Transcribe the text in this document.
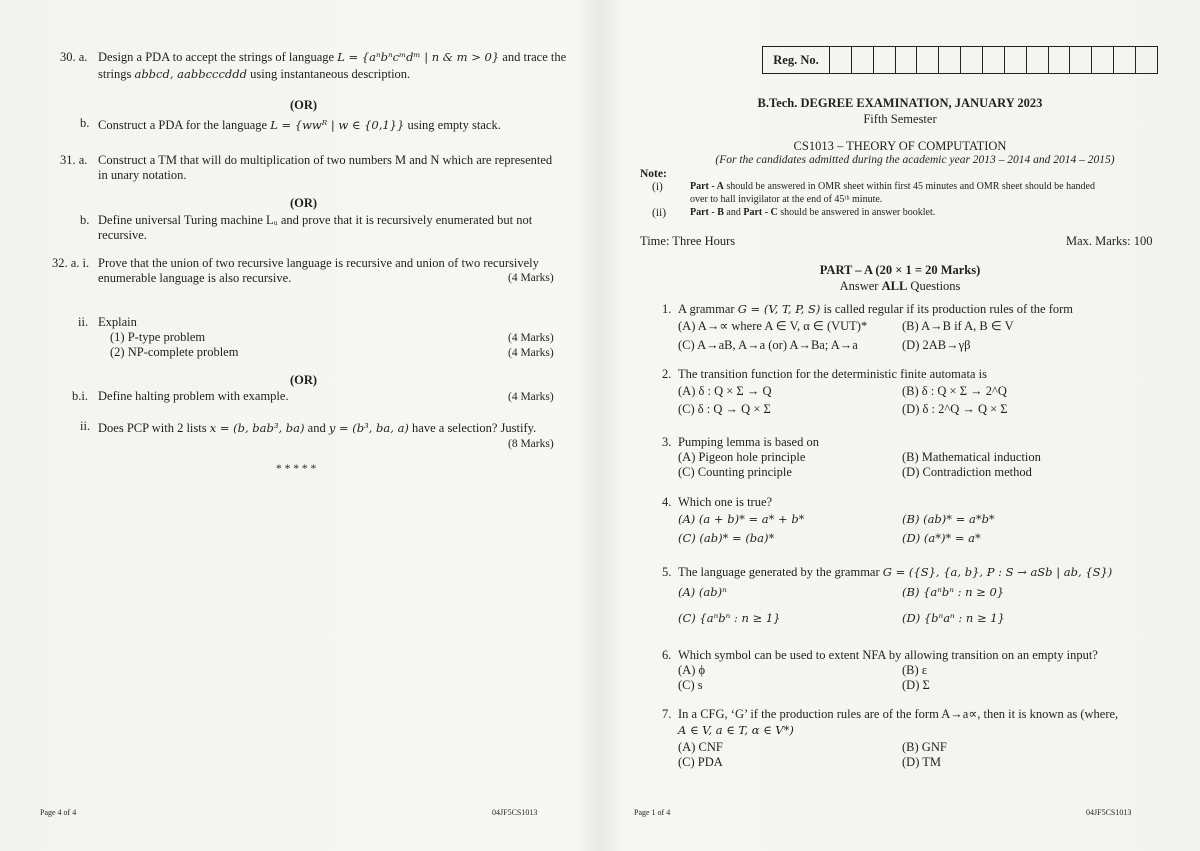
30. a. Design a PDA to accept the strings of language L = {aⁿbⁿcᵐdᵐ | n & m > 0} and trace the
strings abbcd, aabbcccddd using instantaneous description.
(OR)
b. Construct a PDA for the language L = {wwᴿ | w ∈ {0,1}} using empty stack.
31. a. Construct a TM that will do multiplication of two numbers M and N which are represented
in unary notation.
(OR)
b. Define universal Turing machine Lᵤ and prove that it is recursively enumerated but not
recursive.
32. a. i. Prove that the union of two recursive language is recursive and union of two recursively
enumerable language is also recursive.	(4 Marks)
ii. Explain
(1) P-type problem	(4 Marks)
(2) NP-complete problem	(4 Marks)
(OR)
b.i. Define halting problem with example.	(4 Marks)
ii. Does PCP with 2 lists x = (b, bab³, ba) and y = (b³, ba, a) have a selection? Justify.
(8 Marks)
* * * * *
Page 4 of 4	04JF5CS1013
Reg. No.
B.Tech. DEGREE EXAMINATION, JANUARY 2023
Fifth Semester
CS1013 – THEORY OF COMPUTATION
(For the candidates admitted during the academic year 2013 – 2014 and 2014 – 2015)
Note:
(i)	Part - A should be answered in OMR sheet within first 45 minutes and OMR sheet should be handed
over to hall invigilator at the end of 45ᵗʰ minute.
(ii) Part - B and Part - C should be answered in answer booklet.
Time: Three Hours	Max. Marks: 100
PART – A (20 × 1 = 20 Marks)
Answer ALL Questions
1. A grammar G = (V, T, P, S) is called regular if its production rules of the form
(A) A→∝ where A ∈ V, α ∈ (VUT)*	(B) A→B if A, B ∈ V
(C) A→aB, A→a (or) A→Ba; A→a	(D) 2AB→γβ
2. The transition function for the deterministic finite automata is
(A) δ : Q × Σ → Q	(B) δ : Q × Σ → 2^Q
(C) δ : Q → Q × Σ	(D) δ : 2^Q → Q × Σ
3. Pumping lemma is based on
(A) Pigeon hole principle	(B) Mathematical induction
(C) Counting principle	(D) Contradiction method
4. Which one is true?
(A) (a + b)* = a* + b*	(B) (ab)* = a*b*
(C) (ab)* = (ba)*	(D) (a*)* = a*
5. The language generated by the grammar G = ({S}, {a, b}, P : S → aSb | ab, {S})
(A) (ab)ⁿ	(B) {aⁿbⁿ : n ≥ 0}
(C) {aⁿbⁿ : n ≥ 1}	(D) {bⁿaⁿ : n ≥ 1}
6. Which symbol can be used to extent NFA by allowing transition on an empty input?
(A) ϕ	(B) ε
(C) s	(D) Σ
7. In a CFG, ‘G’ if the production rules are of the form A→a∝, then it is known as (where,
A ∈ V, a ∈ T, α ∈ V*)
(A) CNF	(B) GNF
(C) PDA	(D) TM
Page 1 of 4	04JF5CS1013
